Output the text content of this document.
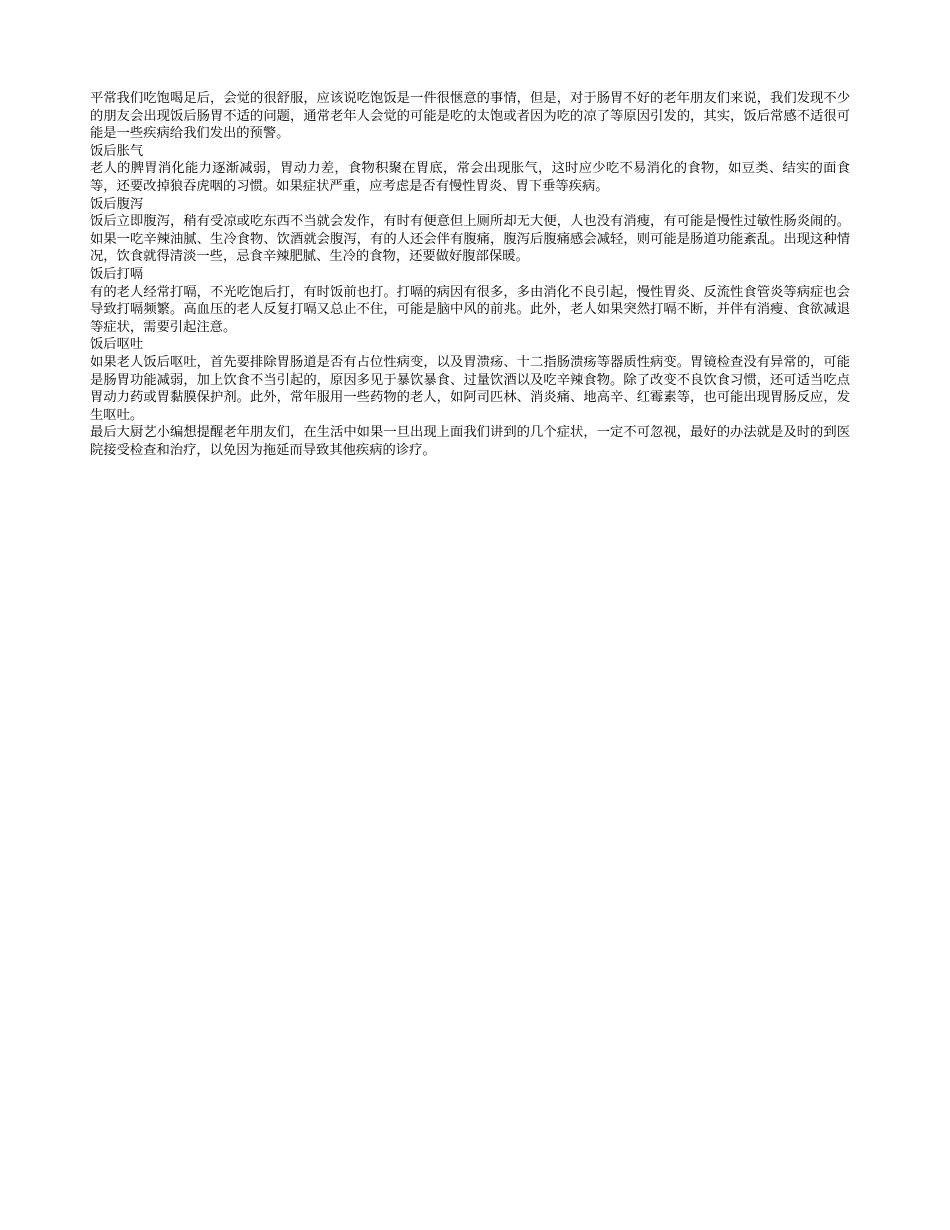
平常我们吃饱喝足后，会觉的很舒服，应该说吃饱饭是一件很惬意的事情，但是，对于肠胃不好的老年朋友们来说，我们发现不少的朋友会出现饭后肠胃不适的问题，通常老年人会觉的可能是吃的太饱或者因为吃的凉了等原因引发的，其实，饭后常感不适很可能是一些疾病给我们发出的预警。

饭后胀气

老人的脾胃消化能力逐渐减弱，胃动力差，食物积聚在胃底，常会出现胀气，这时应少吃不易消化的食物，如豆类、结实的面食等，还要改掉狼吞虎咽的习惯。如果症状严重，应考虑是否有慢性胃炎、胃下垂等疾病。

饭后腹泻

饭后立即腹泻，稍有受凉或吃东西不当就会发作，有时有便意但上厕所却无大便，人也没有消瘦，有可能是慢性过敏性肠炎闹的。如果一吃辛辣油腻、生冷食物、饮酒就会腹泻，有的人还会伴有腹痛，腹泻后腹痛感会减轻，则可能是肠道功能紊乱。出现这种情况，饮食就得清淡一些，忌食辛辣肥腻、生冷的食物，还要做好腹部保暖。

饭后打嗝

有的老人经常打嗝，不光吃饱后打，有时饭前也打。打嗝的病因有很多，多由消化不良引起，慢性胃炎、反流性食管炎等病症也会导致打嗝频繁。高血压的老人反复打嗝又总止不住，可能是脑中风的前兆。此外，老人如果突然打嗝不断，并伴有消瘦、食欲减退等症状，需要引起注意。

饭后呕吐

如果老人饭后呕吐，首先要排除胃肠道是否有占位性病变，以及胃溃疡、十二指肠溃疡等器质性病变。胃镜检查没有异常的，可能是肠胃功能减弱，加上饮食不当引起的，原因多见于暴饮暴食、过量饮酒以及吃辛辣食物。除了改变不良饮食习惯，还可适当吃点胃动力药或胃黏膜保护剂。此外，常年服用一些药物的老人，如阿司匹林、消炎痛、地高辛、红霉素等，也可能出现胃肠反应，发生呕吐。

最后大厨艺小编想提醒老年朋友们，在生活中如果一旦出现上面我们讲到的几个症状，一定不可忽视，最好的办法就是及时的到医院接受检查和治疗，以免因为拖延而导致其他疾病的诊疗。
